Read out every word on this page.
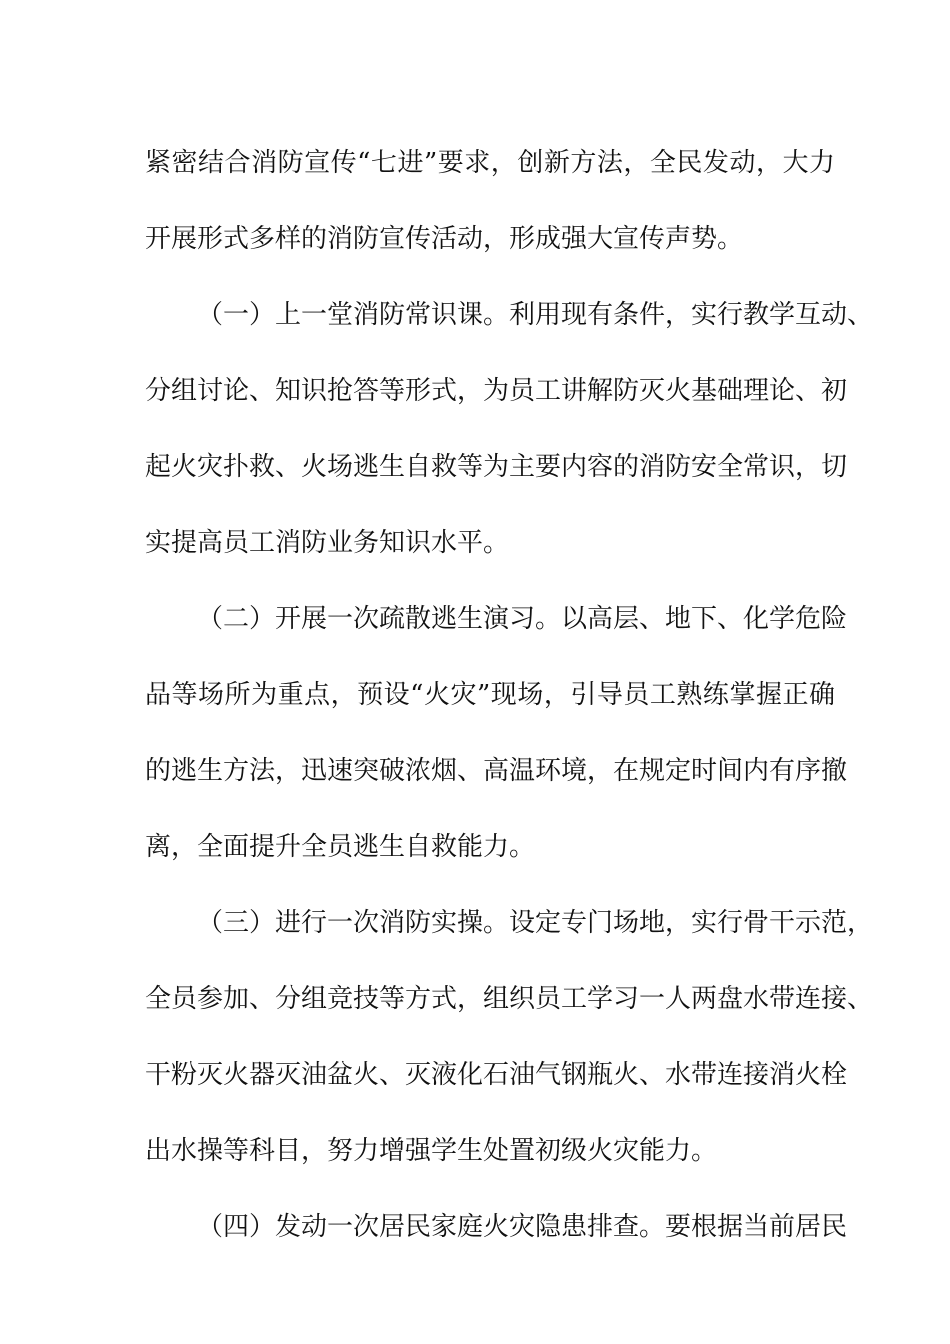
紧密结合消防宣传“七进”要求，创新方法，全民发动，大力
开展形式多样的消防宣传活动，形成强大宣传声势。
（一）上一堂消防常识课。利用现有条件，实行教学互动、
分组讨论、知识抢答等形式，为员工讲解防灭火基础理论、初
起火灾扑救、火场逃生自救等为主要内容的消防安全常识，切
实提高员工消防业务知识水平。
（二）开展一次疏散逃生演习。以高层、地下、化学危险
品等场所为重点，预设“火灾”现场，引导员工熟练掌握正确
的逃生方法，迅速突破浓烟、高温环境，在规定时间内有序撤
离，全面提升全员逃生自救能力。
（三）进行一次消防实操。设定专门场地，实行骨干示范，
全员参加、分组竞技等方式，组织员工学习一人两盘水带连接、
干粉灭火器灭油盆火、灭液化石油气钢瓶火、水带连接消火栓
出水操等科目，努力增强学生处置初级火灾能力。
（四）发动一次居民家庭火灾隐患排查。要根据当前居民
